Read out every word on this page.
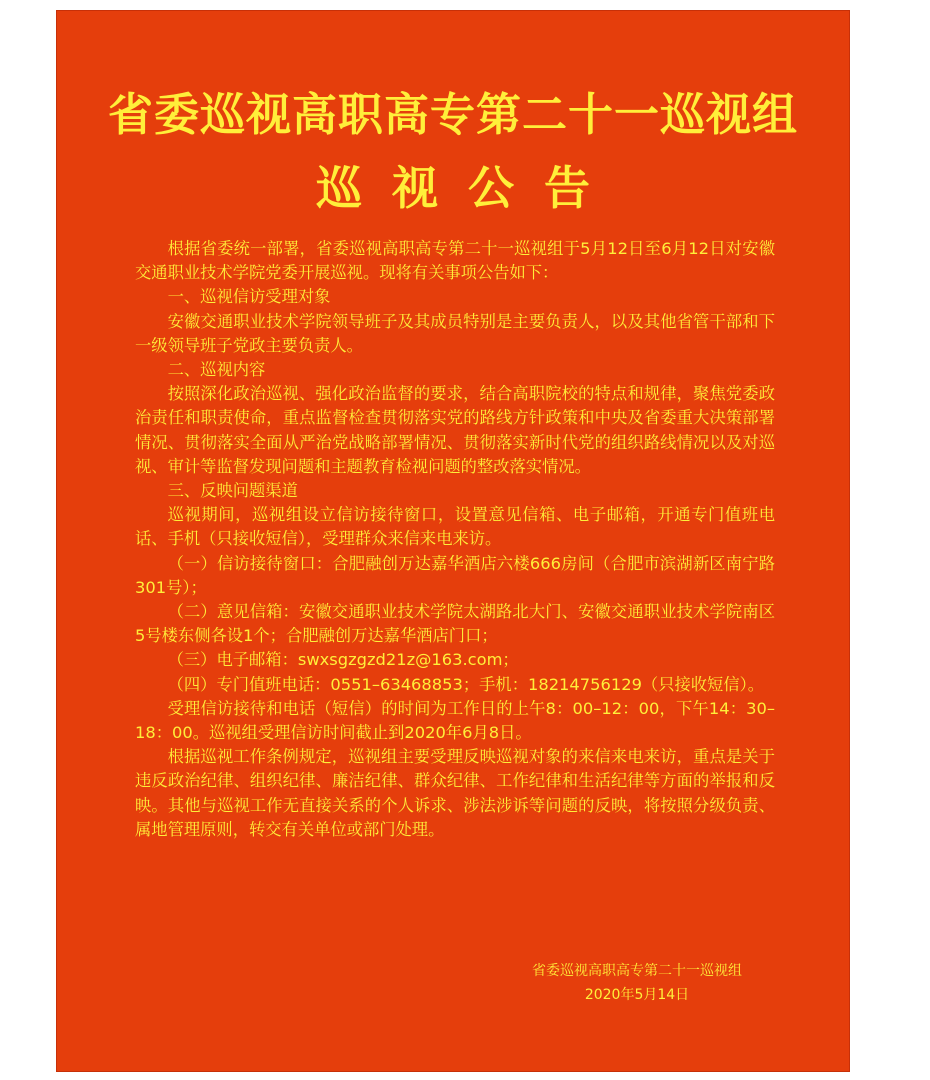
省委巡视高职高专第二十一巡视组
巡视公告

根据省委统一部署，省委巡视高职高专第二十一巡视组于5月12日至6月12日对安徽交通职业技术学院党委开展巡视。现将有关事项公告如下：

一、巡视信访受理对象

安徽交通职业技术学院领导班子及其成员特别是主要负责人，以及其他省管干部和下一级领导班子党政主要负责人。

二、巡视内容

按照深化政治巡视、强化政治监督的要求，结合高职院校的特点和规律，聚焦党委政治责任和职责使命，重点监督检查贯彻落实党的路线方针政策和中央及省委重大决策部署情况、贯彻落实全面从严治党战略部署情况、贯彻落实新时代党的组织路线情况以及对巡视、审计等监督发现问题和主题教育检视问题的整改落实情况。

三、反映问题渠道

巡视期间，巡视组设立信访接待窗口，设置意见信箱、电子邮箱，开通专门值班电话、手机（只接收短信），受理群众来信来电来访。

（一）信访接待窗口：合肥融创万达嘉华酒店六楼666房间（合肥市滨湖新区南宁路301号）；

（二）意见信箱：安徽交通职业技术学院太湖路北大门、安徽交通职业技术学院南区5号楼东侧各设1个；合肥融创万达嘉华酒店门口；

（三）电子邮箱：swxsgzgzd21z@163.com；

（四）专门值班电话：0551–63468853；手机：18214756129（只接收短信）。

受理信访接待和电话（短信）的时间为工作日的上午8：00–12：00，下午14：30–18：00。巡视组受理信访时间截止到2020年6月8日。

根据巡视工作条例规定，巡视组主要受理反映巡视对象的来信来电来访，重点是关于违反政治纪律、组织纪律、廉洁纪律、群众纪律、工作纪律和生活纪律等方面的举报和反映。其他与巡视工作无直接关系的个人诉求、涉法涉诉等问题的反映，将按照分级负责、属地管理原则，转交有关单位或部门处理。

省委巡视高职高专第二十一巡视组
2020年5月14日
